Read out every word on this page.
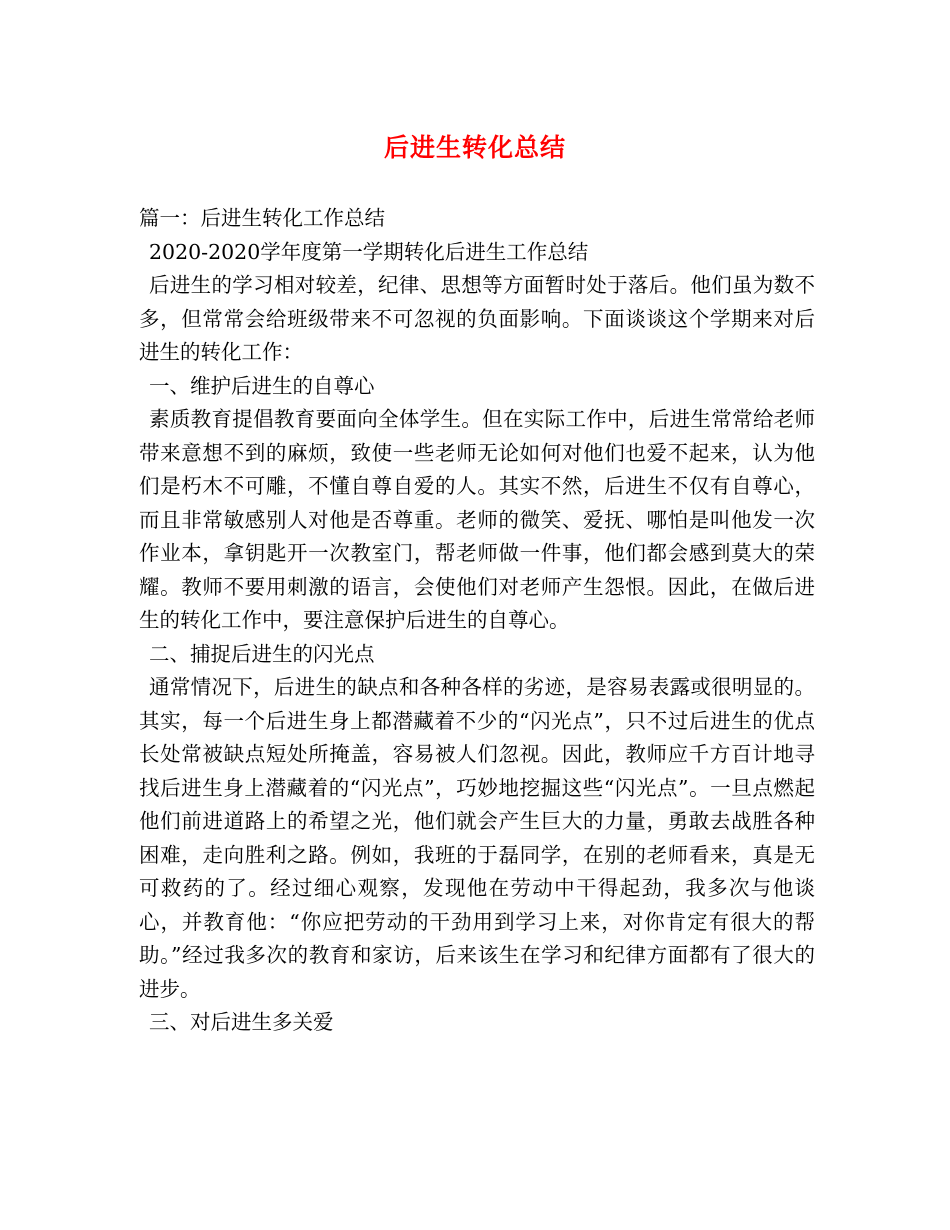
后进生转化总结

篇一：后进生转化工作总结

2020-2020学年度第一学期转化后进生工作总结

后进生的学习相对较差，纪律、思想等方面暂时处于落后。他们虽为数不多，但常常会给班级带来不可忽视的负面影响。下面谈谈这个学期来对后进生的转化工作：

一、维护后进生的自尊心

素质教育提倡教育要面向全体学生。但在实际工作中，后进生常常给老师带来意想不到的麻烦，致使一些老师无论如何对他们也爱不起来，认为他们是朽木不可雕，不懂自尊自爱的人。其实不然，后进生不仅有自尊心，而且非常敏感别人对他是否尊重。老师的微笑、爱抚、哪怕是叫他发一次作业本，拿钥匙开一次教室门，帮老师做一件事，他们都会感到莫大的荣耀。教师不要用刺激的语言，会使他们对老师产生怨恨。因此，在做后进生的转化工作中，要注意保护后进生的自尊心。

二、捕捉后进生的闪光点

通常情况下，后进生的缺点和各种各样的劣迹，是容易表露或很明显的。其实，每一个后进生身上都潜藏着不少的“闪光点”，只不过后进生的优点长处常被缺点短处所掩盖，容易被人们忽视。因此，教师应千方百计地寻找后进生身上潜藏着的“闪光点”，巧妙地挖掘这些“闪光点”。一旦点燃起他们前进道路上的希望之光，他们就会产生巨大的力量，勇敢去战胜各种困难，走向胜利之路。例如，我班的于磊同学，在别的老师看来，真是无可救药的了。经过细心观察，发现他在劳动中干得起劲，我多次与他谈心，并教育他：“你应把劳动的干劲用到学习上来，对你肯定有很大的帮助。”经过我多次的教育和家访，后来该生在学习和纪律方面都有了很大的进步。

三、对后进生多关爱
